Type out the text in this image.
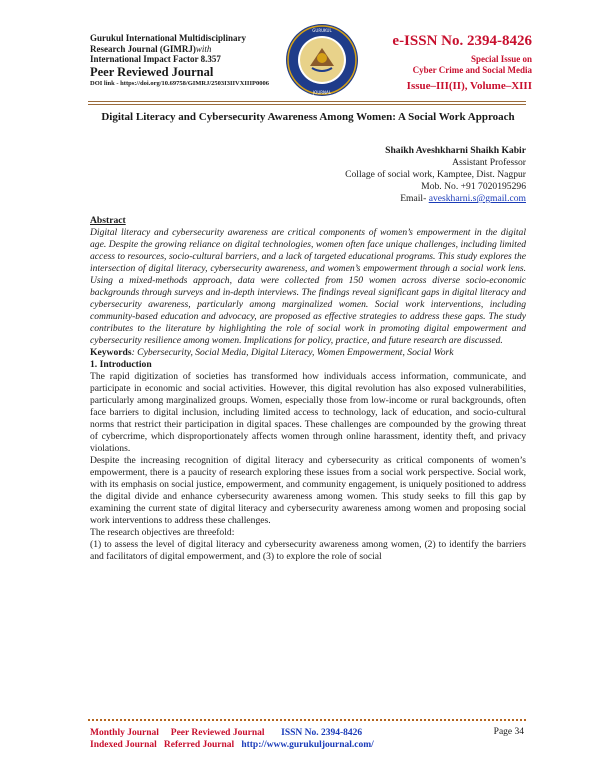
Gurukul International Multidisciplinary
Research Journal (GIMRJ)with
International Impact Factor 8.357
Peer Reviewed Journal
DOI link - https://doi.org/10.69758/GIMRJ/2503I3IIVXIIIP0006
GURUKUL
JOURNAL
e-ISSN No. 2394-8426
Special Issue on
Cyber Crime and Social Media
Issue–III(II), Volume–XIII
Digital Literacy and Cybersecurity Awareness Among Women: A Social Work Approach
Shaikh Aveshkharni Shaikh Kabir
Assistant Professor
Collage of social work, Kamptee, Dist. Nagpur
Mob. No. +91 7020195296
Email- aveskharni.s@gmail.com

Abstract

Digital literacy and cybersecurity awareness are critical components of women’s empowerment in the digital age. Despite the growing reliance on digital technologies, women often face unique challenges, including limited access to resources, socio-cultural barriers, and a lack of targeted educational programs. This study explores the intersection of digital literacy, cybersecurity awareness, and women’s empowerment through a social work lens. Using a mixed-methods approach, data were collected from 150 women across diverse socio-economic backgrounds through surveys and in-depth interviews. The findings reveal significant gaps in digital literacy and cybersecurity awareness, particularly among marginalized women. Social work interventions, including community-based education and advocacy, are proposed as effective strategies to address these gaps. The study contributes to the literature by highlighting the role of social work in promoting digital empowerment and cybersecurity resilience among women. Implications for policy, practice, and future research are discussed.

Keywords: Cybersecurity, Social Media, Digital Literacy, Women Empowerment, Social Work

1. Introduction

The rapid digitization of societies has transformed how individuals access information, communicate, and participate in economic and social activities. However, this digital revolution has also exposed vulnerabilities, particularly among marginalized groups. Women, especially those from low-income or rural backgrounds, often face barriers to digital inclusion, including limited access to technology, lack of education, and socio-cultural norms that restrict their participation in digital spaces. These challenges are compounded by the growing threat of cybercrime, which disproportionately affects women through online harassment, identity theft, and privacy violations.

Despite the increasing recognition of digital literacy and cybersecurity as critical components of women’s empowerment, there is a paucity of research exploring these issues from a social work perspective. Social work, with its emphasis on social justice, empowerment, and community engagement, is uniquely positioned to address the digital divide and enhance cybersecurity awareness among women. This study seeks to fill this gap by examining the current state of digital literacy and cybersecurity awareness among women and proposing social work interventions to address these challenges.

The research objectives are threefold:

(1) to assess the level of digital literacy and cybersecurity awareness among women, (2) to identify the barriers and facilitators of digital empowerment, and (3) to explore the role of social

Monthly Journal Peer Reviewed Journal ISSN No. 2394-8426
Indexed Journal Referred Journal http://www.gurukuljournal.com/
Page 34
